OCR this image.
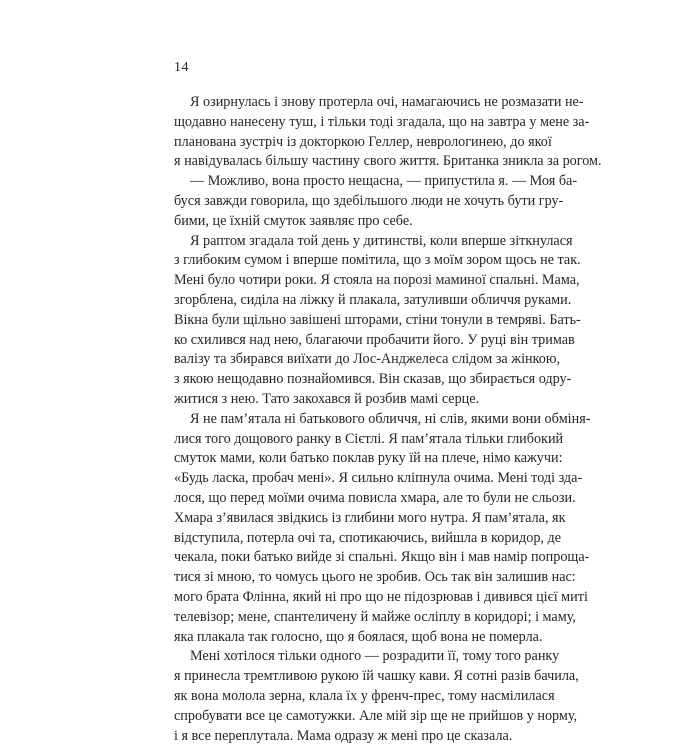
14
Я озирнулась і знову протерла очі, намагаючись не розмазати не-
щодавно нанесену туш, і тільки тоді згадала, що на завтра у мене за-
планована зустріч із докторкою Геллер, неврологинею, до якої
я навідувалась більшу частину свого життя. Британка зникла за рогом.
— Можливо, вона просто нещасна, — припустила я. — Моя ба-
буся завжди говорила, що здебільшого люди не хочуть бути гру-
бими, це їхній смуток заявляє про себе.
Я раптом згадала той день у дитинстві, коли вперше зіткнулася
з глибоким сумом і вперше помітила, що з моїм зором щось не так.
Мені було чотири роки. Я стояла на порозі маминої спальні. Мама,
згорблена, сиділа на ліжку й плакала, затуливши обличчя руками.
Вікна були щільно завішені шторами, стіни тонули в темряві. Бать-
ко схилився над нею, благаючи пробачити його. У руці він тримав
валізу та збирався виїхати до Лос-Анджелеса слідом за жінкою,
з якою нещодавно познайомився. Він сказав, що збирається одру-
житися з нею. Тато закохався й розбив мамі серце.
Я не пам’ятала ні батькового обличчя, ні слів, якими вони обміня-
лися того дощового ранку в Сієтлі. Я пам’ятала тільки глибокий
смуток мами, коли батько поклав руку їй на плече, німо кажучи:
«Будь ласка, пробач мені». Я сильно кліпнула очима. Мені тоді зда-
лося, що перед моїми очима повисла хмара, але то були не сльози.
Хмара з’явилася звідкись із глибини мого нутра. Я пам’ятала, як
відступила, потерла очі та, спотикаючись, вийшла в коридор, де
чекала, поки батько вийде зі спальні. Якщо він і мав намір попроща-
тися зі мною, то чомусь цього не зробив. Ось так він залишив нас:
мого брата Флінна, який ні про що не підозрював і дивився цієї миті
телевізор; мене, спантеличену й майже осліплу в коридорі; і маму,
яка плакала так голосно, що я боялася, щоб вона не померла.
Мені хотілося тільки одного — розрадити її, тому того ранку
я принесла тремтливою рукою їй чашку кави. Я сотні разів бачила,
як вона молола зерна, клала їх у френч-прес, тому насмілилася
спробувати все це самотужки. Але мій зір ще не прийшов у норму,
і я все переплутала. Мама одразу ж мені про це сказала.
